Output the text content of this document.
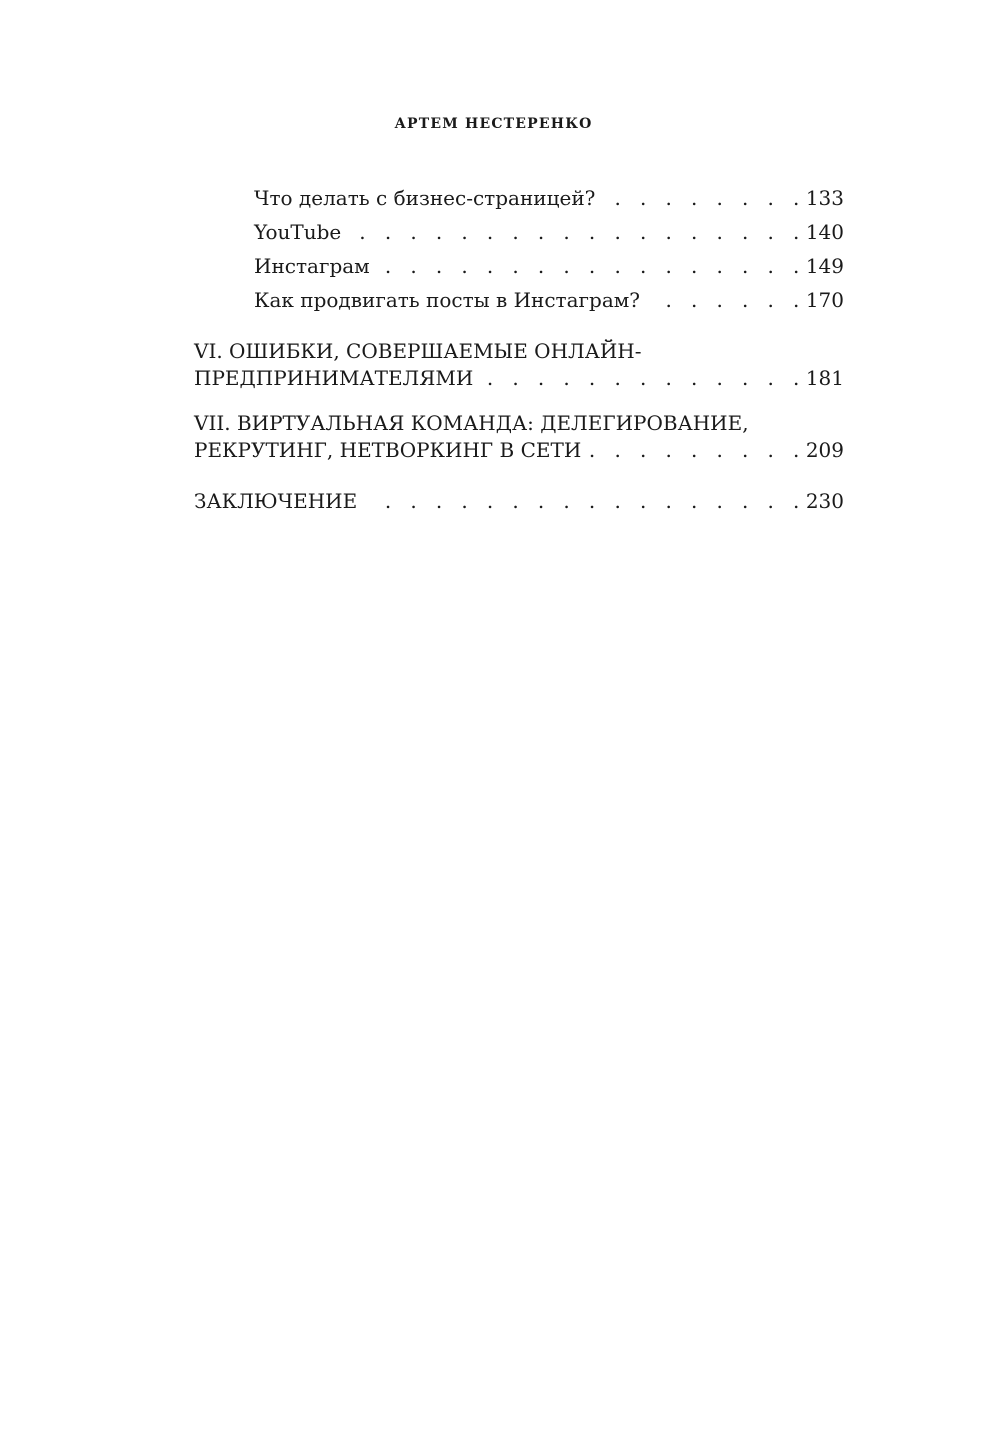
АРТЕМ НЕСТЕРЕНКО
Что делать с бизнес-страницей? . . .	133
YouTube . . .	140
Инстаграм . . .	149
Как продвигать посты в Инстаграм? . . .	170
VI. ОШИБКИ, СОВЕРШАЕМЫЕ ОНЛАЙН-
ПРЕДПРИНИМАТЕЛЯМИ . . .	181
VII. ВИРТУАЛЬНАЯ КОМАНДА: ДЕЛЕГИРОВАНИЕ,
РЕКРУТИНГ, НЕТВОРКИНГ В СЕТИ . . .	209
ЗАКЛЮЧЕНИЕ . . .	230
